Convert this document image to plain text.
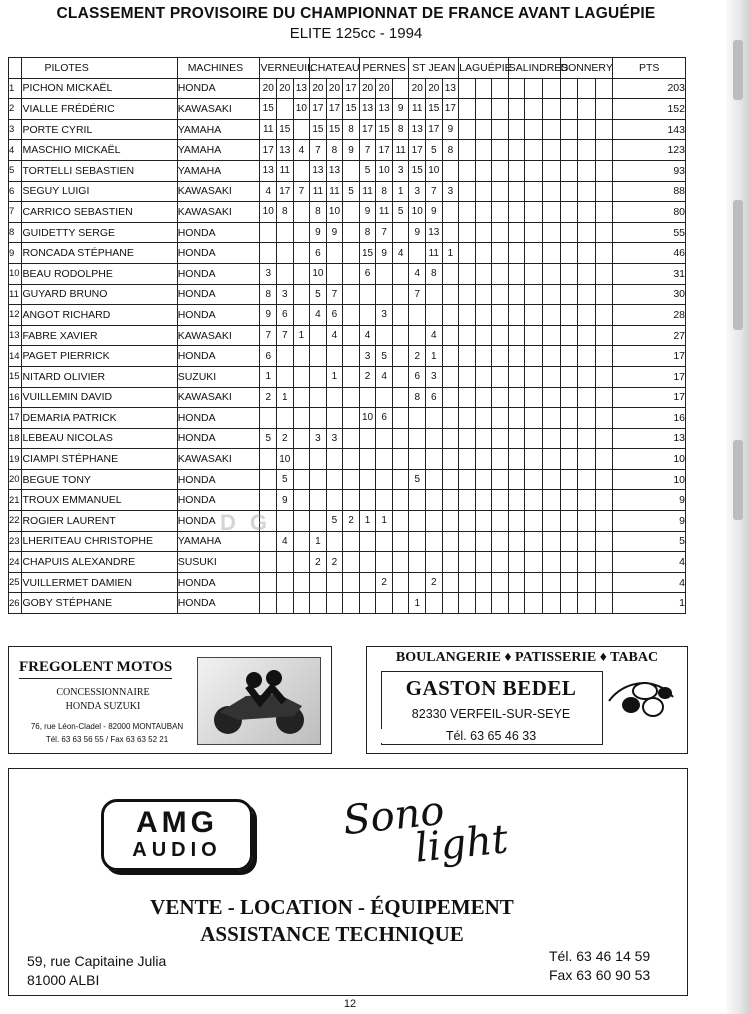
CLASSEMENT PROVISOIRE DU CHAMPIONNAT DE FRANCE AVANT LAGUÉPIE
ELITE 125cc - 1994
	PILOTES	MACHINES	VERNEUIL			CHATEAU			PERNES			ST JEAN			LAGUÉPIE			SALINDRES			DONNERY			PTS
1	PICHON MICKAËL	HONDA	20	20	13	20	20	17	20	20		20	20	13										203
2	VIALLE FRÉDÉRIC	KAWASAKI	15		10	17	17	15	13	13	9	11	15	17										152
3	PORTE CYRIL	YAMAHA	11	15		15	15	8	17	15	8	13	17	9										143
4	MASCHIO MICKAËL	YAMAHA	17	13	4	7	8	9	7	17	11	17	5	8										123
5	TORTELLI SEBASTIEN	YAMAHA	13	11		13	13		5	10	3	15	10											93
6	SEGUY LUIGI	KAWASAKI	4	17	7	11	11	5	11	8	1	3	7	3										88
7	CARRICO SEBASTIEN	KAWASAKI	10	8		8	10		9	11	5	10	9											80
8	GUIDETTY SERGE	HONDA				9	9		8	7		9	13											55
9	RONCADA STÉPHANE	HONDA				6			15	9	4		11	1										46
10	BEAU RODOLPHE	HONDA	3			10			6			4	8											31
11	GUYARD BRUNO	HONDA	8	3		5	7					7												30
12	ANGOT RICHARD	HONDA	9	6		4	6			3														28
13	FABRE XAVIER	KAWASAKI	7	7	1		4		4				4											27
14	PAGET PIERRICK	HONDA	6						3	5		2	1											17
15	NITARD OLIVIER	SUZUKI	1				1		2	4		6	3											17
16	VUILLEMIN DAVID	KAWASAKI	2	1								8	6											17
17	DEMARIA PATRICK	HONDA							10	6														16
18	LEBEAU NICOLAS	HONDA	5	2		3	3																	13
19	CIAMPI STÉPHANE	KAWASAKI		10																				10
20	BEGUE TONY	HONDA		5								5												10
21	TROUX EMMANUEL	HONDA		9																				9
22	ROGIER LAURENT	HONDA					5	2	1	1														9
23	LHERITEAU CHRISTOPHE	YAMAHA		4		1																		5
24	CHAPUIS ALEXANDRE	SUSUKI				2	2																	4
25	VUILLERMET DAMIEN	HONDA								2			2											4
26	GOBY STÉPHANE	HONDA										1												1
DG
FREGOLENT MOTOS
CONCESSIONNAIRE
HONDA SUZUKI
76, rue Léon-Cladel - 82000 MONTAUBAN
Tél. 63 63 56 55 / Fax 63 63 52 21
BOULANGERIE ♦ PATISSERIE ♦ TABAC
GASTON BEDEL
82330 VERFEIL-SUR-SEYE
Tél. 63 65 46 33
AMG
AUDIO
Sono
light
VENTE - LOCATION - ÉQUIPEMENT
ASSISTANCE TECHNIQUE
59, rue Capitaine Julia
81000 ALBI
Tél. 63 46 14 59
Fax 63 60 90 53
12
